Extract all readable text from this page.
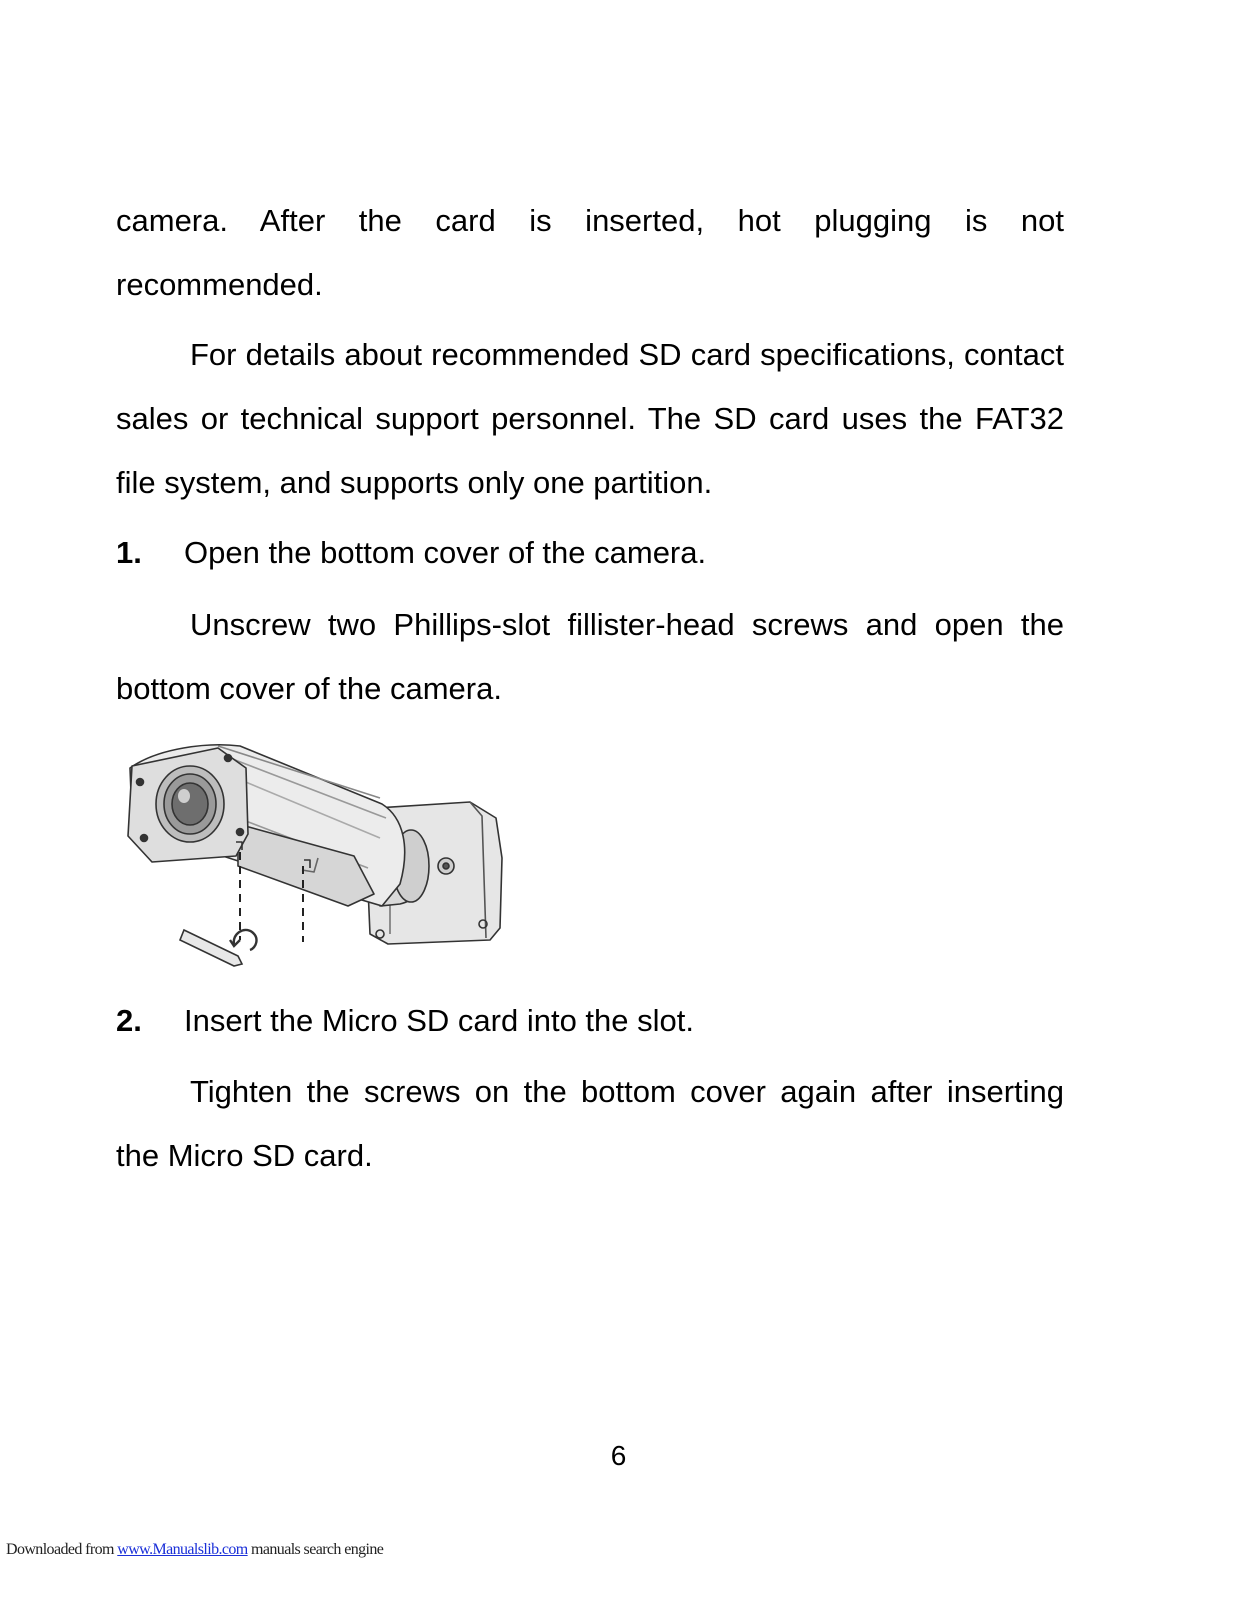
camera. After the card is inserted, hot plugging is not
recommended.
For details about recommended SD card specifications, contact sales or technical support personnel. The SD card uses the FAT32 file system, and supports only one partition.
1. Open the bottom cover of the camera.
Unscrew two Phillips-slot fillister-head screws and open the bottom cover of the camera.
2. Insert the Micro SD card into the slot.
Tighten the screws on the bottom cover again after inserting the Micro SD card.
6
Downloaded from www.Manualslib.com manuals search engine
